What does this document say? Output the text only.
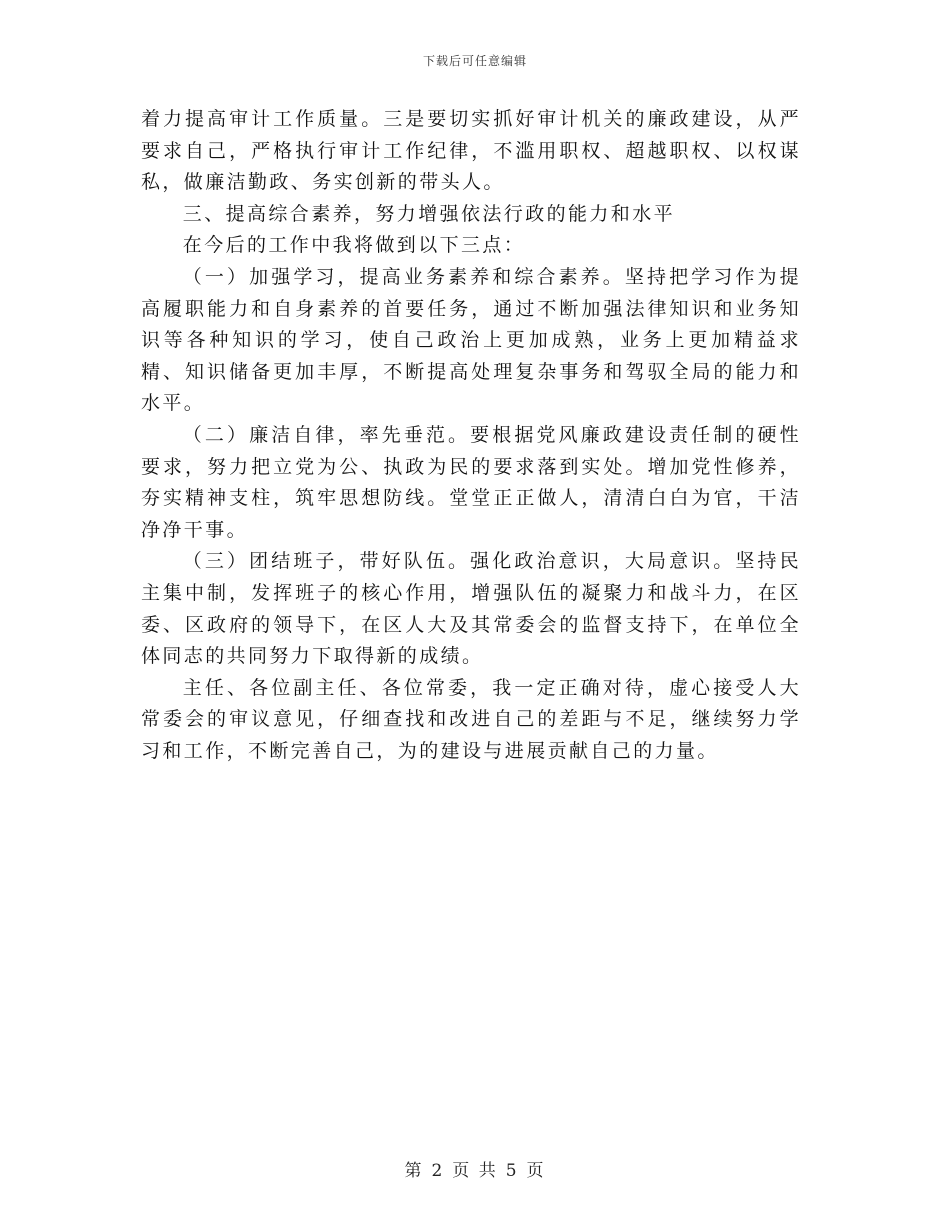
下载后可任意编辑

着力提高审计工作质量。三是要切实抓好审计机关的廉政建设，从严要求自己，严格执行审计工作纪律，不滥用职权、超越职权、以权谋私，做廉洁勤政、务实创新的带头人。

三、提高综合素养，努力增强依法行政的能力和水平

在今后的工作中我将做到以下三点：

（一）加强学习，提高业务素养和综合素养。坚持把学习作为提高履职能力和自身素养的首要任务，通过不断加强法律知识和业务知识等各种知识的学习，使自己政治上更加成熟，业务上更加精益求精、知识储备更加丰厚，不断提高处理复杂事务和驾驭全局的能力和水平。

（二）廉洁自律，率先垂范。要根据党风廉政建设责任制的硬性要求，努力把立党为公、执政为民的要求落到实处。增加党性修养，夯实精神支柱，筑牢思想防线。堂堂正正做人，清清白白为官，干洁净净干事。

（三）团结班子，带好队伍。强化政治意识，大局意识。坚持民主集中制，发挥班子的核心作用，增强队伍的凝聚力和战斗力，在区委、区政府的领导下，在区人大及其常委会的监督支持下，在单位全体同志的共同努力下取得新的成绩。

主任、各位副主任、各位常委，我一定正确对待，虚心接受人大常委会的审议意见，仔细查找和改进自己的差距与不足，继续努力学习和工作，不断完善自己，为的建设与进展贡献自己的力量。

第 2 页 共 5 页
